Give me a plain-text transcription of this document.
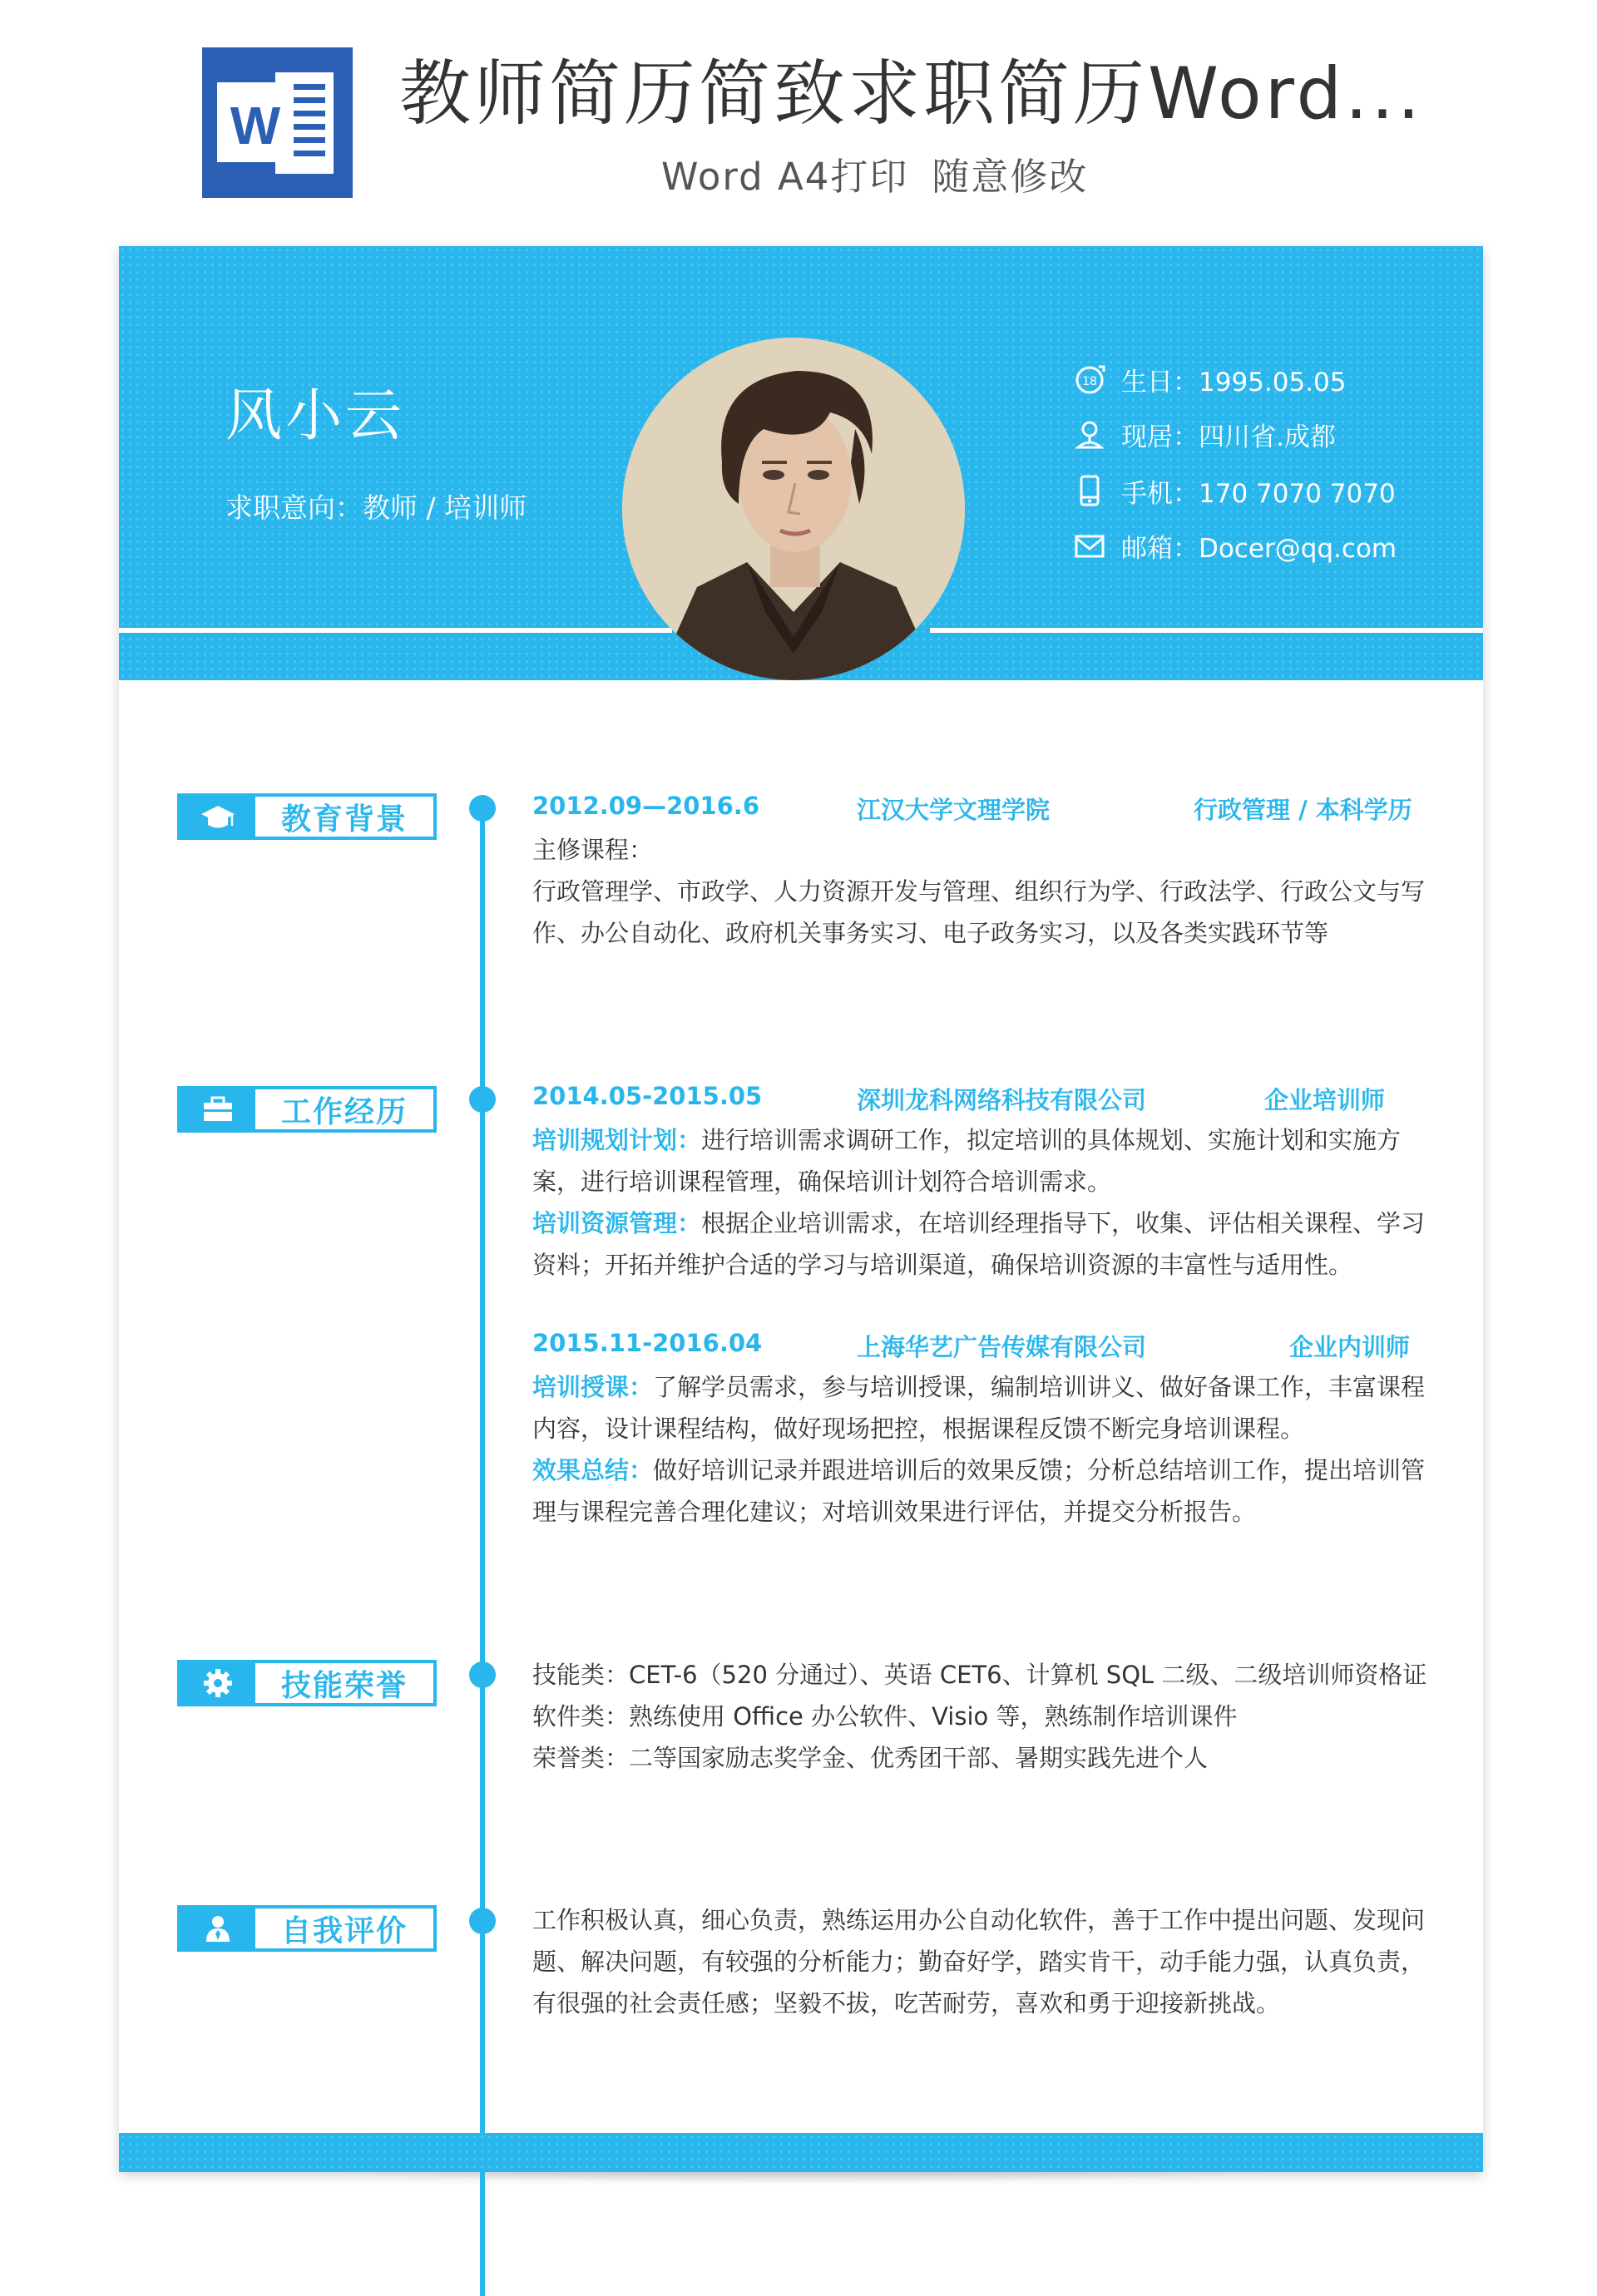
W 教师简历简致求职简历Word...
Word A4打印 随意修改
风小云
求职意向：教师 / 培训师
18 生日：1995.05.05
现居：四川省.成都
手机：170 7070 7070
邮箱：Docer@qq.com
教育背景	2012.09—2016.6	江汉大学文理学院	行政管理 / 本科学历

主修课程：

行政管理学、市政学、人力资源开发与管理、组织行为学、行政法学、行政公文与写作、办公自动化、政府机关事务实习、电子政务实习，以及各类实践环节等

工作经历	2014.05-2015.05	深圳龙科网络科技有限公司	企业培训师

培训规划计划：进行培训需求调研工作，拟定培训的具体规划、实施计划和实施方案，进行培训课程管理，确保培训计划符合培训需求。

培训资源管理：根据企业培训需求，在培训经理指导下，收集、评估相关课程、学习资料；开拓并维护合适的学习与培训渠道，确保培训资源的丰富性与适用性。

2015.11-2016.04	上海华艺广告传媒有限公司	企业内训师

培训授课：了解学员需求，参与培训授课，编制培训讲义、做好备课工作，丰富课程内容，设计课程结构，做好现场把控，根据课程反馈不断完身培训课程。

效果总结：做好培训记录并跟进培训后的效果反馈；分析总结培训工作，提出培训管理与课程完善合理化建议；对培训效果进行评估，并提交分析报告。

技能荣誉	技能类：CET-6（520 分通过）、英语 CET6、计算机 SQL 二级、二级培训师资格证

软件类：熟练使用 Office 办公软件、Visio 等，熟练制作培训课件

荣誉类：二等国家励志奖学金、优秀团干部、暑期实践先进个人

自我评价	工作积极认真，细心负责，熟练运用办公自动化软件，善于工作中提出问题、发现问题、解决问题，有较强的分析能力；勤奋好学，踏实肯干，动手能力强，认真负责，有很强的社会责任感；坚毅不拔，吃苦耐劳，喜欢和勇于迎接新挑战。
